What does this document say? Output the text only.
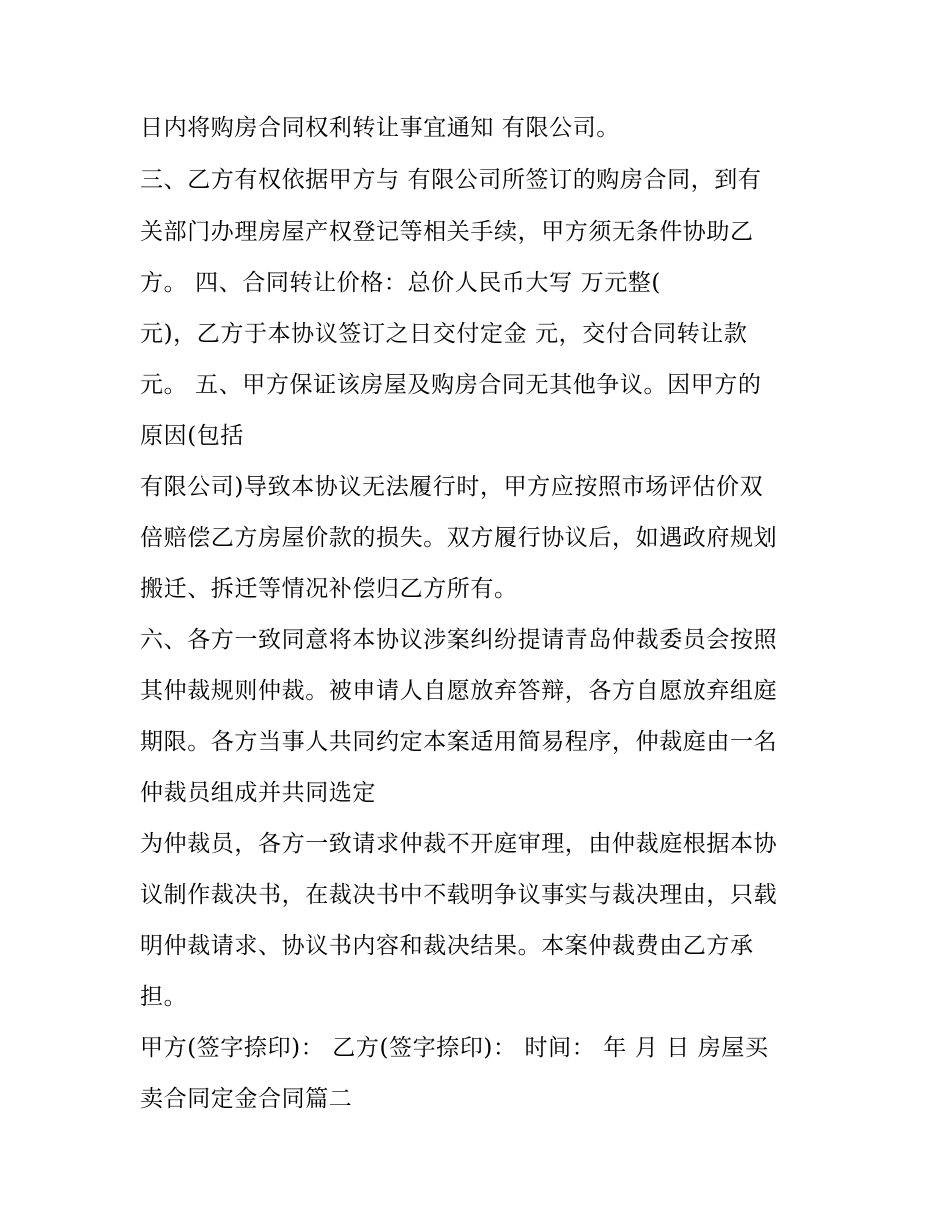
日内将购房合同权利转让事宜通知 有限公司。
三、乙方有权依据甲方与 有限公司所签订的购房合同，到有
关部门办理房屋产权登记等相关手续，甲方须无条件协助乙
方。 四、合同转让价格：总价人民币大写 万元整(
元)，乙方于本协议签订之日交付定金 元，交付合同转让款
元。 五、甲方保证该房屋及购房合同无其他争议。因甲方的
原因(包括
有限公司)导致本协议无法履行时，甲方应按照市场评估价双
倍赔偿乙方房屋价款的损失。双方履行协议后，如遇政府规划
搬迁、拆迁等情况补偿归乙方所有。
六、各方一致同意将本协议涉案纠纷提请青岛仲裁委员会按照
其仲裁规则仲裁。被申请人自愿放弃答辩，各方自愿放弃组庭
期限。各方当事人共同约定本案适用简易程序，仲裁庭由一名
仲裁员组成并共同选定
为仲裁员，各方一致请求仲裁不开庭审理，由仲裁庭根据本协
议制作裁决书，在裁决书中不载明争议事实与裁决理由，只载
明仲裁请求、协议书内容和裁决结果。本案仲裁费由乙方承
担。
甲方(签字捺印)： 乙方(签字捺印)： 时间： 年 月 日 房屋买
卖合同定金合同篇二
